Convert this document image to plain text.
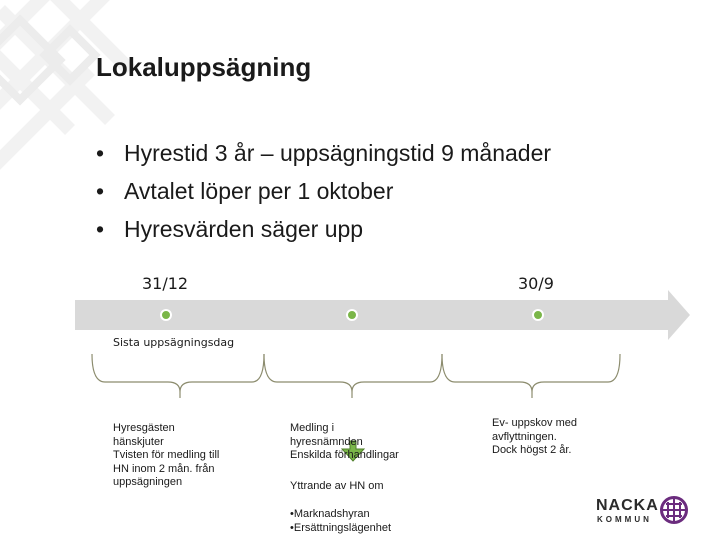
Lokaluppsägning
• Hyrestid 3 år – uppsägningstid 9 månader
• Avtalet löper per 1 oktober
• Hyresvärden säger upp
31/12	30/9
Sista uppsägningsdag
Hyresgästen
hänskjuter
Tvisten för medling till
HN inom 2 mån. från
uppsägningen
Medling i
hyresnämnden
Enskilda förhandlingar
Yttrande av HN om
•Marknadshyran
•Ersättningslägenhet
Ev- uppskov med
avflyttningen.
Dock högst 2 år.
NACKA
KOMMUN
